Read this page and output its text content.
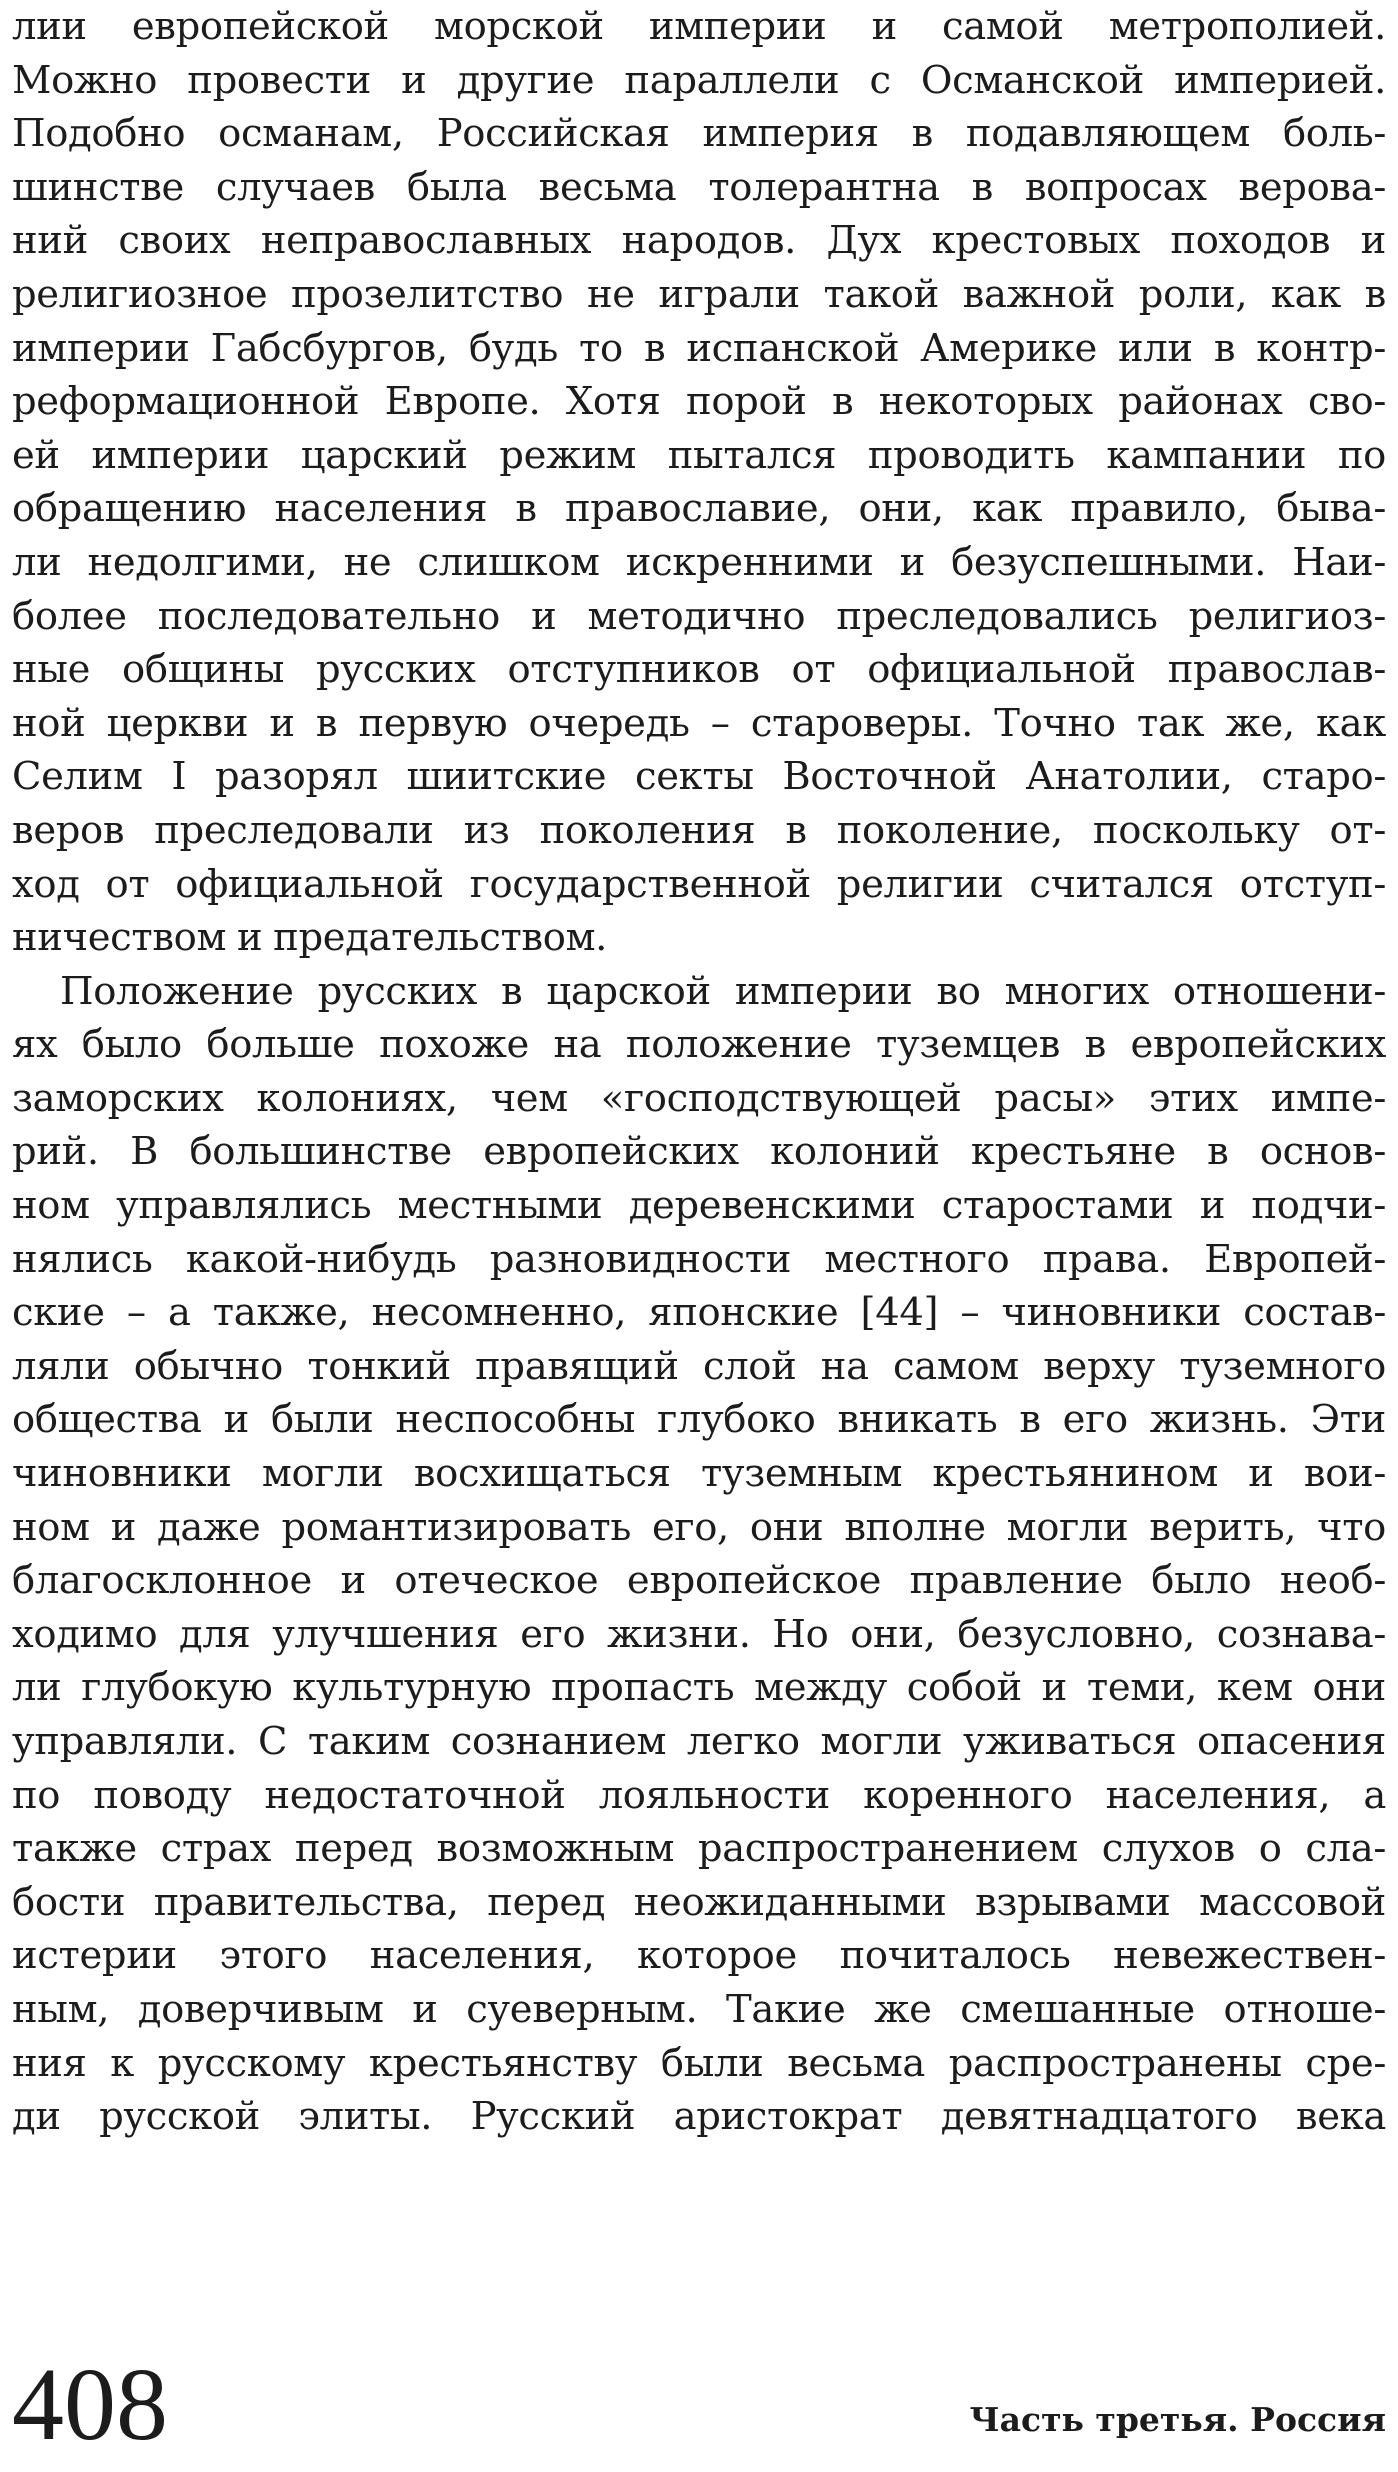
лии европейской морской империи и самой метрополией.
Можно провести и другие параллели с Османской империей.
Подобно османам, Российская империя в подавляющем боль-
шинстве случаев была весьма толерантна в вопросах верова-
ний своих неправославных народов. Дух крестовых походов и
религиозное прозелитство не играли такой важной роли, как в
империи Габсбургов, будь то в испанской Америке или в контр-
реформационной Европе. Хотя порой в некоторых районах сво-
ей империи царский режим пытался проводить кампании по
обращению населения в православие, они, как правило, быва-
ли недолгими, не слишком искренними и безуспешными. Наи-
более последовательно и методично преследовались религиоз-
ные общины русских отступников от официальной православ-
ной церкви и в первую очередь – староверы. Точно так же, как
Селим I разорял шиитские секты Восточной Анатолии, старо-
веров преследовали из поколения в поколение, поскольку от-
ход от официальной государственной религии считался отступ-
ничеством и предательством.
Положение русских в царской империи во многих отношени-
ях было больше похоже на положение туземцев в европейских
заморских колониях, чем «господствующей расы» этих импе-
рий. В большинстве европейских колоний крестьяне в основ-
ном управлялись местными деревенскими старостами и подчи-
нялись какой-нибудь разновидности местного права. Европей-
ские – а также, несомненно, японские [44] – чиновники состав-
ляли обычно тонкий правящий слой на самом верху туземного
общества и были неспособны глубоко вникать в его жизнь. Эти
чиновники могли восхищаться туземным крестьянином и вои-
ном и даже романтизировать его, они вполне могли верить, что
благосклонное и отеческое европейское правление было необ-
ходимо для улучшения его жизни. Но они, безусловно, сознава-
ли глубокую культурную пропасть между собой и теми, кем они
управляли. С таким сознанием легко могли уживаться опасения
по поводу недостаточной лояльности коренного населения, а
также страх перед возможным распространением слухов о сла-
бости правительства, перед неожиданными взрывами массовой
истерии этого населения, которое почиталось невежествен-
ным, доверчивым и суеверным. Такие же смешанные отноше-
ния к русскому крестьянству были весьма распространены сре-
ди русской элиты. Русский аристократ девятнадцатого века
408	Часть третья. Россия
